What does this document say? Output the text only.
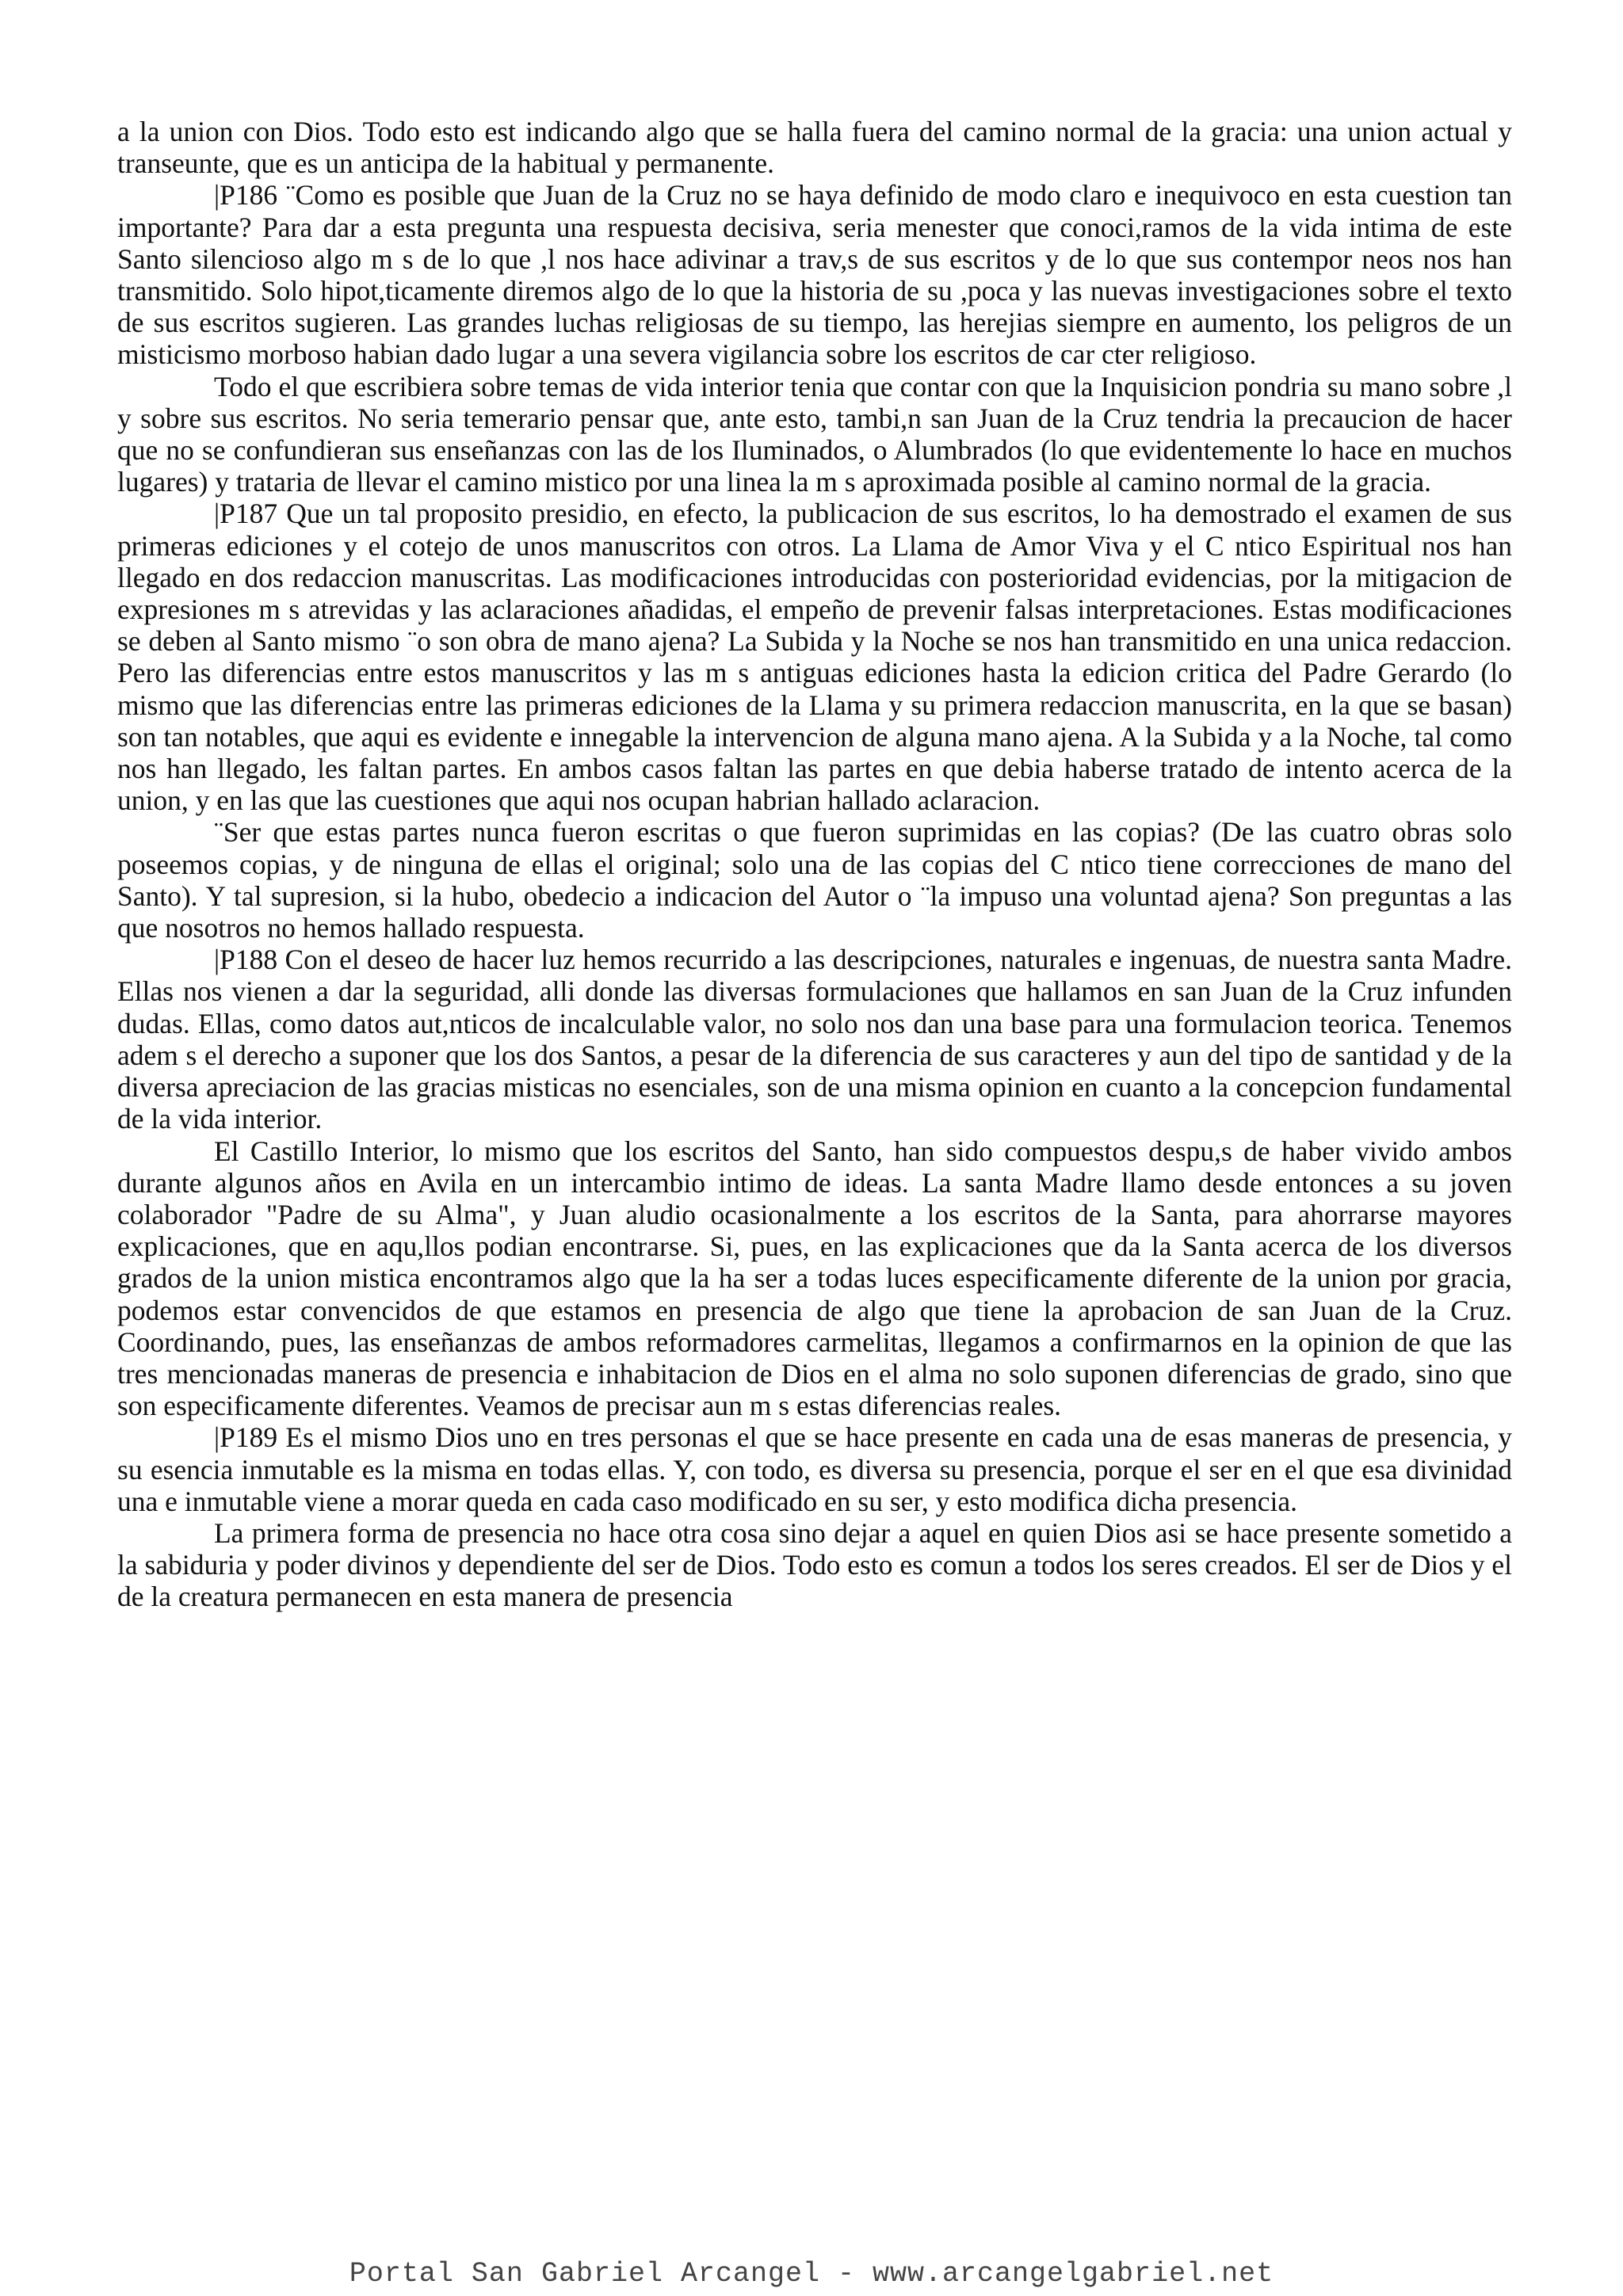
a la union con Dios. Todo esto est indicando algo que se halla fuera del camino normal de la gracia: una union actual y transeunte, que es un anticipa de la habitual y permanente.

|P186 ¨Como es posible que Juan de la Cruz no se haya definido de modo claro e inequivoco en esta cuestion tan importante? Para dar a esta pregunta una respuesta decisiva, seria menester que conoci,ramos de la vida intima de este Santo silencioso algo m s de lo que ,l nos hace adivinar a trav,s de sus escritos y de lo que sus contempor neos nos han transmitido. Solo hipot,ticamente diremos algo de lo que la historia de su ,poca y las nuevas investigaciones sobre el texto de sus escritos sugieren. Las grandes luchas religiosas de su tiempo, las herejias siempre en aumento, los peligros de un misticismo morboso habian dado lugar a una severa vigilancia sobre los escritos de car cter religioso.

Todo el que escribiera sobre temas de vida interior tenia que contar con que la Inquisicion pondria su mano sobre ,l y sobre sus escritos. No seria temerario pensar que, ante esto, tambi,n san Juan de la Cruz tendria la precaucion de hacer que no se confundieran sus enseñanzas con las de los Iluminados, o Alumbrados (lo que evidentemente lo hace en muchos lugares) y trataria de llevar el camino mistico por una linea la m s aproximada posible al camino normal de la gracia.

|P187 Que un tal proposito presidio, en efecto, la publicacion de sus escritos, lo ha demostrado el examen de sus primeras ediciones y el cotejo de unos manuscritos con otros. La Llama de Amor Viva y el C ntico Espiritual nos han llegado en dos redaccion manuscritas. Las modificaciones introducidas con posterioridad evidencias, por la mitigacion de expresiones m s atrevidas y las aclaraciones añadidas, el empeño de prevenir falsas interpretaciones. Estas modificaciones se deben al Santo mismo ¨o son obra de mano ajena? La Subida y la Noche se nos han transmitido en una unica redaccion. Pero las diferencias entre estos manuscritos y las m s antiguas ediciones hasta la edicion critica del Padre Gerardo (lo mismo que las diferencias entre las primeras ediciones de la Llama y su primera redaccion manuscrita, en la que se basan) son tan notables, que aqui es evidente e innegable la intervencion de alguna mano ajena. A la Subida y a la Noche, tal como nos han llegado, les faltan partes. En ambos casos faltan las partes en que debia haberse tratado de intento acerca de la union, y en las que las cuestiones que aqui nos ocupan habrian hallado aclaracion.

¨Ser que estas partes nunca fueron escritas o que fueron suprimidas en las copias? (De las cuatro obras solo poseemos copias, y de ninguna de ellas el original; solo una de las copias del C ntico tiene correcciones de mano del Santo). Y tal supresion, si la hubo, obedecio a indicacion del Autor o ¨la impuso una voluntad ajena? Son preguntas a las que nosotros no hemos hallado respuesta.

|P188 Con el deseo de hacer luz hemos recurrido a las descripciones, naturales e ingenuas, de nuestra santa Madre. Ellas nos vienen a dar la seguridad, alli donde las diversas formulaciones que hallamos en san Juan de la Cruz infunden dudas. Ellas, como datos aut,nticos de incalculable valor, no solo nos dan una base para una formulacion teorica. Tenemos adem s el derecho a suponer que los dos Santos, a pesar de la diferencia de sus caracteres y aun del tipo de santidad y de la diversa apreciacion de las gracias misticas no esenciales, son de una misma opinion en cuanto a la concepcion fundamental de la vida interior.

El Castillo Interior, lo mismo que los escritos del Santo, han sido compuestos despu,s de haber vivido ambos durante algunos años en Avila en un intercambio intimo de ideas. La santa Madre llamo desde entonces a su joven colaborador "Padre de su Alma", y Juan aludio ocasionalmente a los escritos de la Santa, para ahorrarse mayores explicaciones, que en aqu,llos podian encontrarse. Si, pues, en las explicaciones que da la Santa acerca de los diversos grados de la union mistica encontramos algo que la ha ser a todas luces especificamente diferente de la union por gracia, podemos estar convencidos de que estamos en presencia de algo que tiene la aprobacion de san Juan de la Cruz. Coordinando, pues, las enseñanzas de ambos reformadores carmelitas, llegamos a confirmarnos en la opinion de que las tres mencionadas maneras de presencia e inhabitacion de Dios en el alma no solo suponen diferencias de grado, sino que son especificamente diferentes. Veamos de precisar aun m s estas diferencias reales.

|P189 Es el mismo Dios uno en tres personas el que se hace presente en cada una de esas maneras de presencia, y su esencia inmutable es la misma en todas ellas. Y, con todo, es diversa su presencia, porque el ser en el que esa divinidad una e inmutable viene a morar queda en cada caso modificado en su ser, y esto modifica dicha presencia.

La primera forma de presencia no hace otra cosa sino dejar a aquel en quien Dios asi se hace presente sometido a la sabiduria y poder divinos y dependiente del ser de Dios. Todo esto es comun a todos los seres creados. El ser de Dios y el de la creatura permanecen en esta manera de presencia

Portal San Gabriel Arcangel - www.arcangelgabriel.net
